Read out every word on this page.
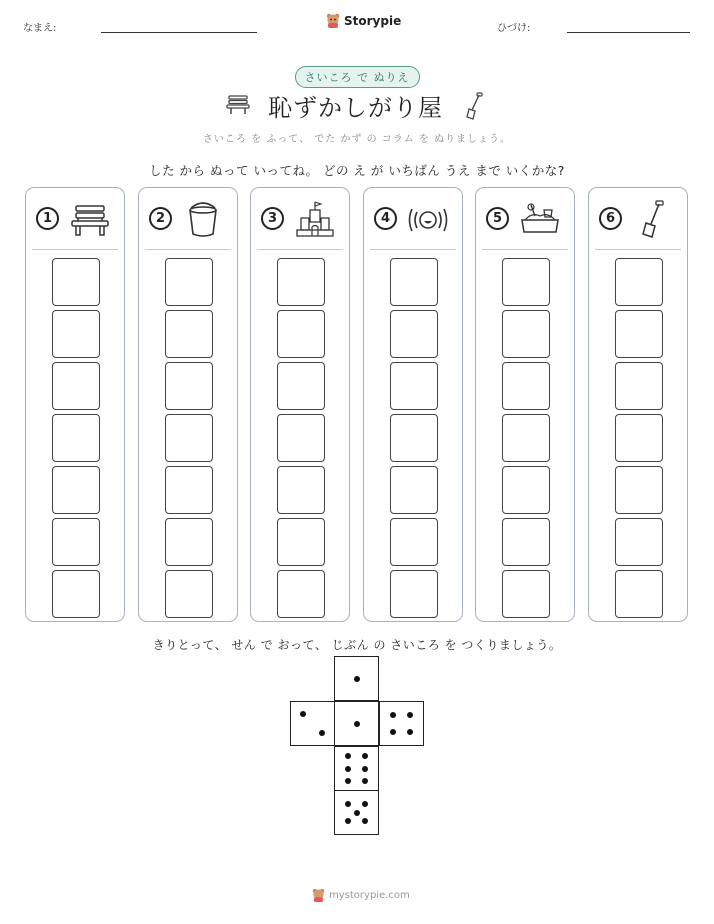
なまえ:
Storypie
ひづけ:
さいころ で ぬりえ
恥ずかしがり屋
さいころ を ふって、 でた かず の コラム を ぬりましょう。
した から ぬって いってね。 どの え が いちばん うえ まで いくかな?
1	2	3	4	5	6
きりとって、 せん で おって、 じぶん の さいころ を つくりましょう。
mystorypie.com
